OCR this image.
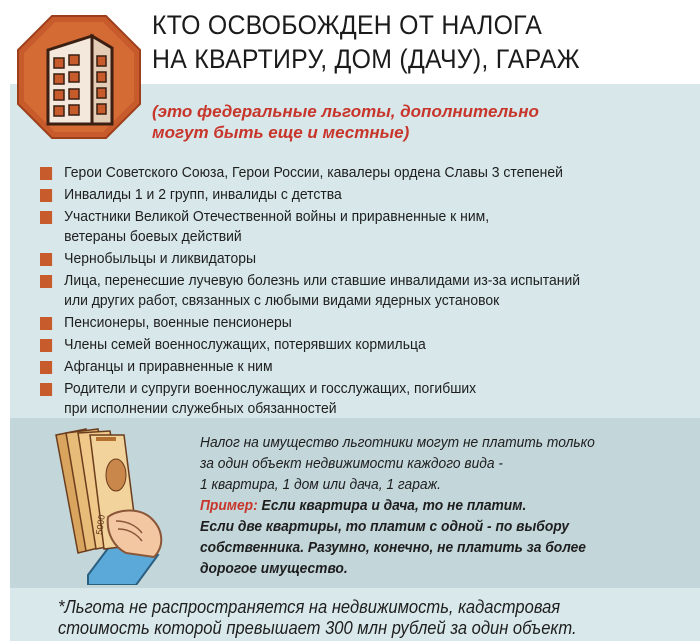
КТО ОСВОБОЖДЕН ОТ НАЛОГА
НА КВАРТИРУ, ДОМ (ДАЧУ), ГАРАЖ
(это федеральные льготы, дополнительно
могут быть еще и местные)
Герои Советского Союза, Герои России, кавалеры ордена Славы 3 степеней
Инвалиды 1 и 2 групп, инвалиды с детства
Участники Великой Отечественной войны и приравненные к ним,
ветераны боевых действий
Чернобыльцы и ликвидаторы
Лица, перенесшие лучевую болезнь или ставшие инвалидами из-за испытаний
или других работ, связанных с любыми видами ядерных установок
Пенсионеры, военные пенсионеры
Члены семей военнослужащих, потерявших кормильца
Афганцы и приравненные к ним
Родители и супруги военнослужащих и госслужащих, погибших
при исполнении служебных обязанностей
5000
Налог на имущество льготники могут не платить только
за один объект недвижимости каждого вида -
1 квартира, 1 дом или дача, 1 гараж.
Пример: Если квартира и дача, то не платим.
Если две квартиры, то платим с одной - по выбору
собственника. Разумно, конечно, не платить за более
дорогое имущество.
*Льгота не распространяется на недвижимость, кадастровая
стоимость которой превышает 300 млн рублей за один объект.
